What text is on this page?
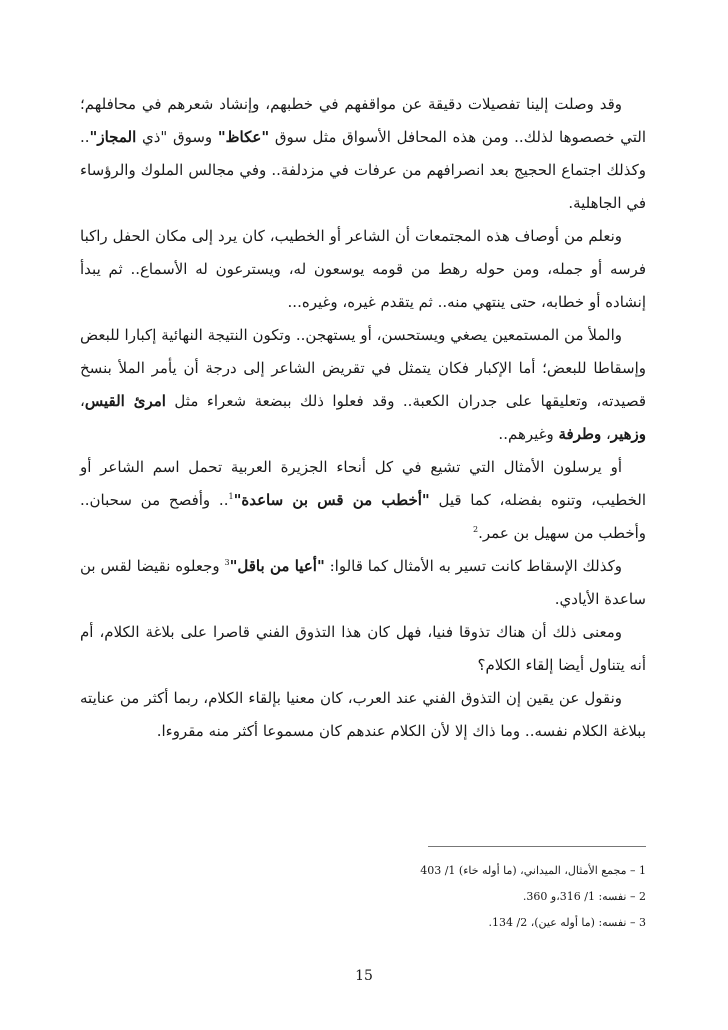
وقد وصلت إلينا تفصيلات دقيقة عن مواقفهم في خطبهم، وإنشاد شعرهم في محافلهم؛ التي خصصوها لذلك.. ومن هذه المحافل الأسواق مثل سوق "عكاظ" وسوق "ذي المجاز".. وكذلك اجتماع الحجيج بعد انصرافهم من عرفات في مزدلفة.. وفي مجالس الملوك والرؤساء في الجاهلية.

ونعلم من أوصاف هذه المجتمعات أن الشاعر أو الخطيب، كان يرد إلى مكان الحفل راكبا فرسه أو جمله، ومن حوله رهط من قومه يوسعون له، ويسترعون له الأسماع.. ثم يبدأ إنشاده أو خطابه، حتى ينتهي منه.. ثم يتقدم غيره، وغيره...

والملأ من المستمعين يصغي ويستحسن، أو يستهجن.. وتكون النتيجة النهائية إكبارا للبعض وإسقاطا للبعض؛ أما الإكبار فكان يتمثل في تقريض الشاعر إلى درجة أن يأمر الملأ بنسخ قصيدته، وتعليقها على جدران الكعبة.. وقد فعلوا ذلك ببضعة شعراء مثل امرئ القيس، وزهير، وطرفة وغيرهم..

أو يرسلون الأمثال التي تشيع في كل أنحاء الجزيرة العربية تحمل اسم الشاعر أو الخطيب، وتنوه بفضله، كما قيل "أخطب من قس بن ساعدة"$^1$.. وأفصح من سحبان.. وأخطب من سهيل بن عمر.$^2$

وكذلك الإسقاط كانت تسير به الأمثال كما قالوا: "أعيا من باقل"$^3$ وجعلوه نقيضا لقس بن ساعدة الأيادي.

ومعنى ذلك أن هناك تذوقا فنيا، فهل كان هذا التذوق الفني قاصرا على بلاغة الكلام، أم أنه يتناول أيضا إلقاء الكلام؟

ونقول عن يقين إن التذوق الفني عند العرب، كان معنيا بإلقاء الكلام، ربما أكثر من عنايته ببلاغة الكلام نفسه.. وما ذاك إلا لأن الكلام عندهم كان مسموعا أكثر منه مقروءا.

1 – مجمع الأمثال، الميداني، (ما أوله خاء) 1/ 403
2 – نفسه: 1/ 316،و 360.
3 – نفسه: (ما أوله عين)، 2/ 134.
15
